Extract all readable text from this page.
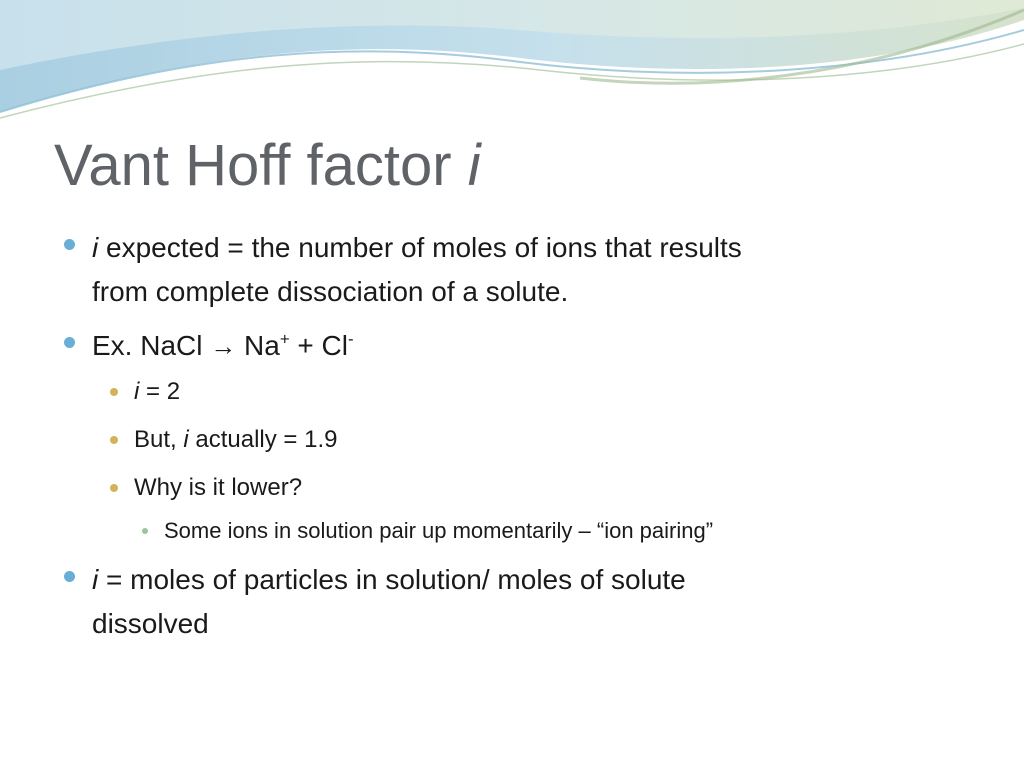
Vant Hoff factor i
i expected = the number of moles of ions that results
from complete dissociation of a solute.
Ex. NaCl → Na+ + Cl-
i = 2
But, i actually = 1.9
Why is it lower?
Some ions in solution pair up momentarily – “ion pairing”
i = moles of particles in solution/ moles of solute
dissolved
